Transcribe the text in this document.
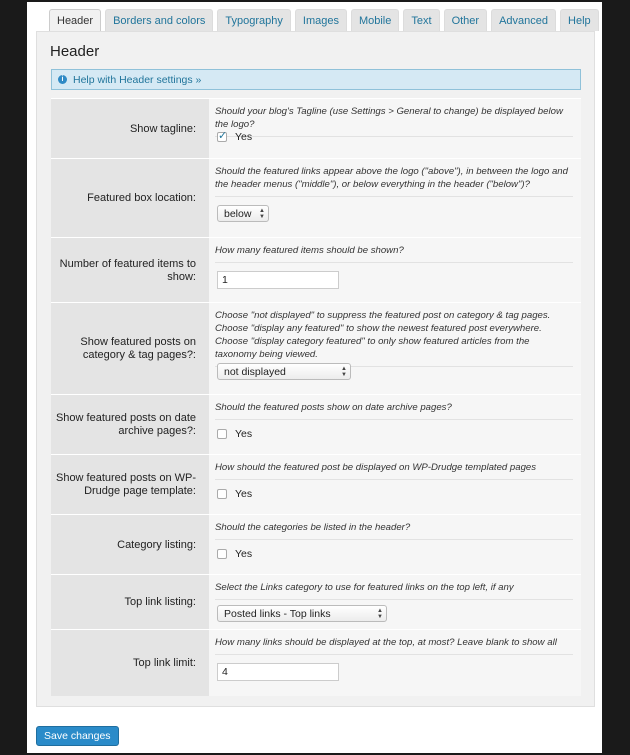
Header	Borders and colors	Typography	Images	Mobile	Text	Other	Advanced	Help
Header
i Help with Header settings »
Show tagline:
Should your blog's Tagline (use Settings > General to change) be displayed below the logo?
✓ Yes
Featured box location:
Should the featured links appear above the logo ("above"), in between the logo and the header menus ("middle"), or below everything in the header ("below")?
below ▲
▼
Number of featured items to show:
How many featured items should be shown?
1
Show featured posts on category & tag pages?:
Choose "not displayed" to suppress the featured post on category & tag pages. Choose "display any featured" to show the newest featured post everywhere. Choose "display category featured" to only show featured articles from the taxonomy being viewed.
not displayed	▲
▼
Show featured posts on date archive pages?:
Should the featured posts show on date archive pages?
Yes
Show featured posts on WP-Drudge page template:
How should the featured post be displayed on WP-Drudge templated pages
Yes
Category listing:
Should the categories be listed in the header?
Yes
Top link listing:
Select the Links category to use for featured links on the top left, if any
Posted links - Top links	▲
▼
Top link limit:
How many links should be displayed at the top, at most? Leave blank to show all
4
Save changes
